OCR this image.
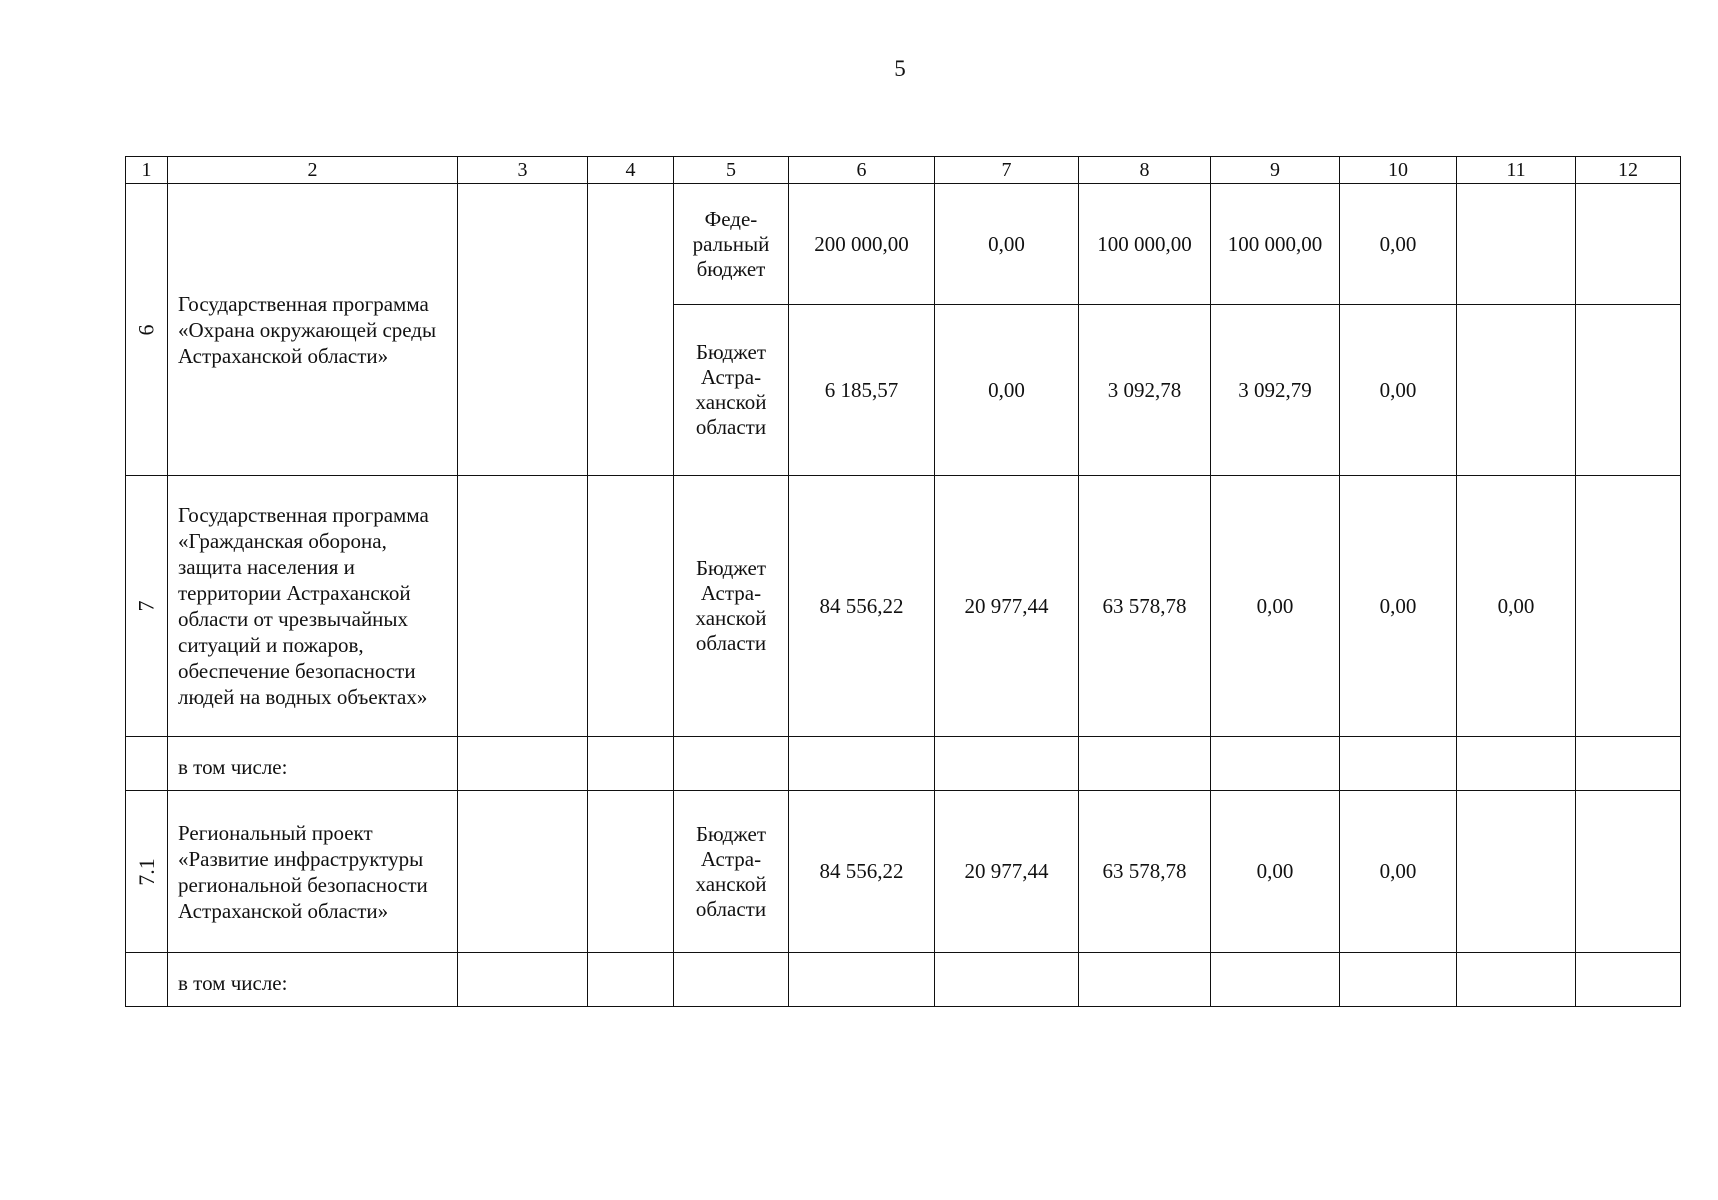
5
1	2	3	4	5	6	7	8	9	10	11	12
6	Государственная программа «Охрана окружающей среды Астраханской области»			Феде-
ральный
бюджет	200 000,00	0,00	100 000,00	100 000,00	0,00		

				Бюджет
Астра-
ханской
области	6 185,57	0,00	3 092,78	3 092,79	0,00		
7	Государственная программа «Гражданская оборона, защита населения и территории Астраханской области от чрезвычайных ситуаций и пожаров, обеспечение безопасности людей на водных объектах»			Бюджет
Астра-
ханской
области	84 556,22	20 977,44	63 578,78	0,00	0,00	0,00	
	в том числе:										
7.1	Региональный проект «Развитие инфраструктуры региональной безопасности Астраханской области»			Бюджет
Астра-
ханской
области	84 556,22	20 977,44	63 578,78	0,00	0,00		
	в том числе:										
